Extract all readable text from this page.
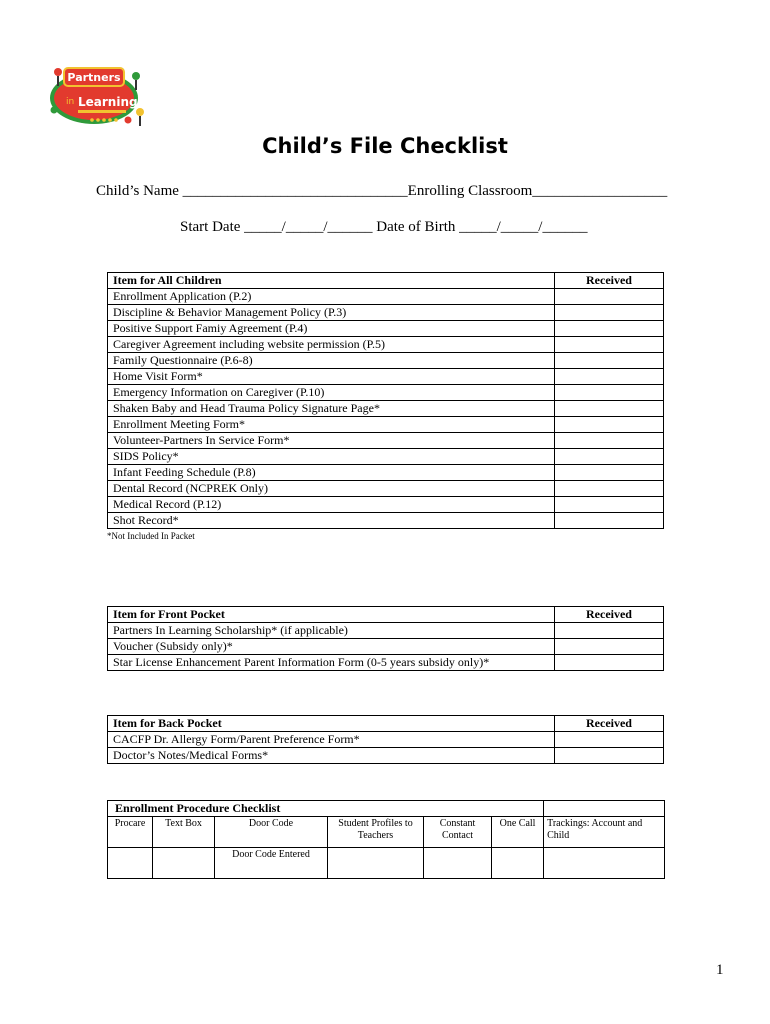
Partners
in Learning
Child’s File Checklist
Child’s Name ______________________________Enrolling Classroom__________________
Start Date _____/_____/______ Date of Birth _____/_____/______
Item for All Children	Received
Enrollment Application (P.2)	
Discipline & Behavior Management Policy (P.3)	
Positive Support Famiy Agreement (P.4)	
Caregiver Agreement including website permission (P.5)	
Family Questionnaire (P.6-8)	
Home Visit Form*	
Emergency Information on Caregiver (P.10)	
Shaken Baby and Head Trauma Policy Signature Page*	
Enrollment Meeting Form*	
Volunteer-Partners In Service Form*	
SIDS Policy*	
Infant Feeding Schedule (P.8)	
Dental Record (NCPREK Only)	
Medical Record (P.12)	
Shot Record*	
*Not Included In Packet
Item for Front Pocket	Received
Partners In Learning Scholarship* (if applicable)	
Voucher (Subsidy only)*	
Star License Enhancement Parent Information Form (0-5 years subsidy only)*	
Item for Back Pocket	Received
CACFP Dr. Allergy Form/Parent Preference Form*	
Doctor’s Notes/Medical Forms*	
Enrollment Procedure Checklist						
Procare	Text Box	Door Code	Student Profiles to Teachers	Constant Contact	One Call	Trackings: Account and Child
		Door Code Entered				
1
